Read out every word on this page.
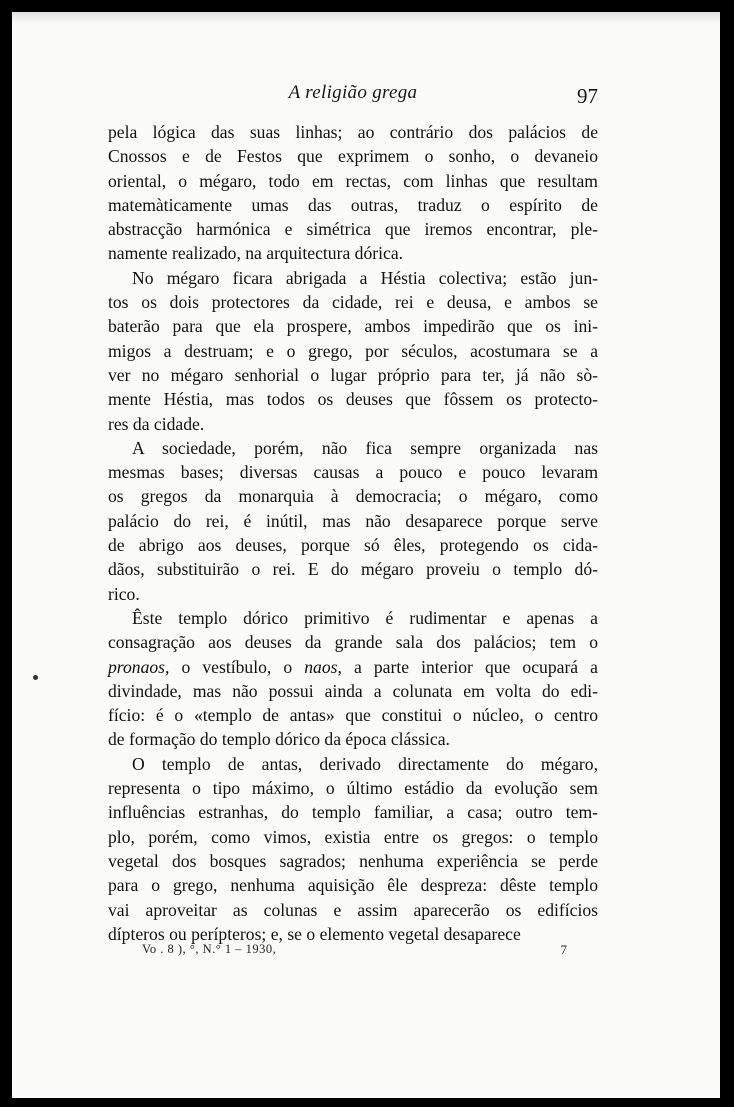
A religião grega	97
pela lógica das suas linhas; ao contrário dos palácios de
Cnossos e de Festos que exprimem o sonho, o devaneio
oriental, o mégaro, todo em rectas, com linhas que resultam
matemàticamente umas das outras, traduz o espírito de
abstracção harmónica e simétrica que iremos encontrar, ple-
namente realizado, na arquitectura dórica.
No mégaro ficara abrigada a Héstia colectiva; estão jun-
tos os dois protectores da cidade, rei e deusa, e ambos se
baterão para que ela prospere, ambos impedirão que os ini-
migos a destruam; e o grego, por séculos, acostumara se a
ver no mégaro senhorial o lugar próprio para ter, já não sò-
mente Héstia, mas todos os deuses que fôssem os protecto-
res da cidade.
A sociedade, porém, não fica sempre organizada nas
mesmas bases; diversas causas a pouco e pouco levaram
os gregos da monarquia à democracia; o mégaro, como
palácio do rei, é inútil, mas não desaparece porque serve
de abrigo aos deuses, porque só êles, protegendo os cida-
dãos, substituirão o rei. E do mégaro proveiu o templo dó-
rico.
Êste templo dórico primitivo é rudimentar e apenas a
consagração aos deuses da grande sala dos palácios; tem o
pronaos, o vestíbulo, o naos, a parte interior que ocupará a
divindade, mas não possui ainda a colunata em volta do edi-
fício: é o «templo de antas» que constitui o núcleo, o centro
de formação do templo dórico da época clássica.
O templo de antas, derivado directamente do mégaro,
representa o tipo máximo, o último estádio da evolução sem
influências estranhas, do templo familiar, a casa; outro tem-
plo, porém, como vimos, existia entre os gregos: o templo
vegetal dos bosques sagrados; nenhuma experiência se perde
para o grego, nenhuma aquisição êle despreza: dêste templo
vai aproveitar as colunas e assim aparecerão os edifícios
dípteros ou perípteros; e, se o elemento vegetal desaparece
Vo . 8 ), °, N.° 1 – 1930,	7
